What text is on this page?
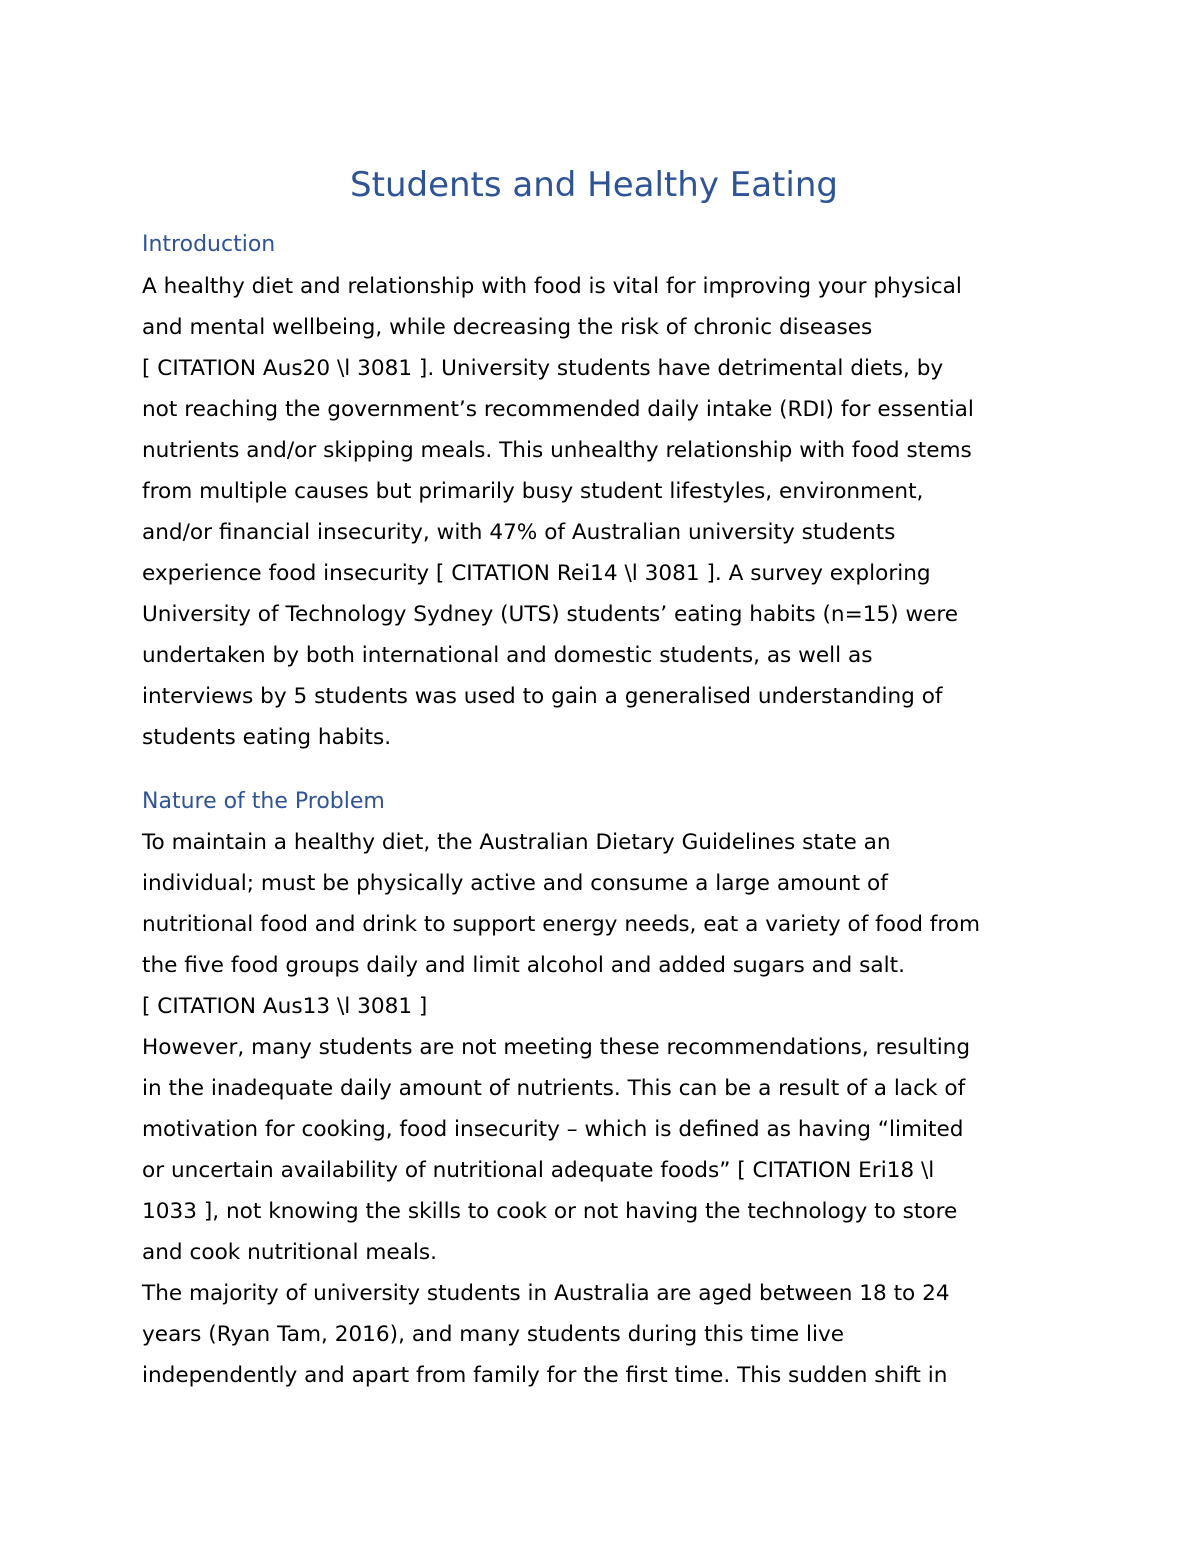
Students and Healthy Eating
Introduction
A healthy diet and relationship with food is vital for improving your physical
and mental wellbeing, while decreasing the risk of chronic diseases
[ CITATION Aus20 \l 3081 ]. University students have detrimental diets, by
not reaching the government’s recommended daily intake (RDI) for essential
nutrients and/or skipping meals. This unhealthy relationship with food stems
from multiple causes but primarily busy student lifestyles, environment,
and/or financial insecurity, with 47% of Australian university students
experience food insecurity [ CITATION Rei14 \l 3081 ]. A survey exploring
University of Technology Sydney (UTS) students’ eating habits (n=15) were
undertaken by both international and domestic students, as well as
interviews by 5 students was used to gain a generalised understanding of
students eating habits.
Nature of the Problem
To maintain a healthy diet, the Australian Dietary Guidelines state an
individual; must be physically active and consume a large amount of
nutritional food and drink to support energy needs, eat a variety of food from
the five food groups daily and limit alcohol and added sugars and salt.
[ CITATION Aus13 \l 3081 ]
However, many students are not meeting these recommendations, resulting
in the inadequate daily amount of nutrients. This can be a result of a lack of
motivation for cooking, food insecurity – which is defined as having “limited
or uncertain availability of nutritional adequate foods” [ CITATION Eri18 \l
1033 ], not knowing the skills to cook or not having the technology to store
and cook nutritional meals.
The majority of university students in Australia are aged between 18 to 24
years (Ryan Tam, 2016), and many students during this time live
independently and apart from family for the first time. This sudden shift in
